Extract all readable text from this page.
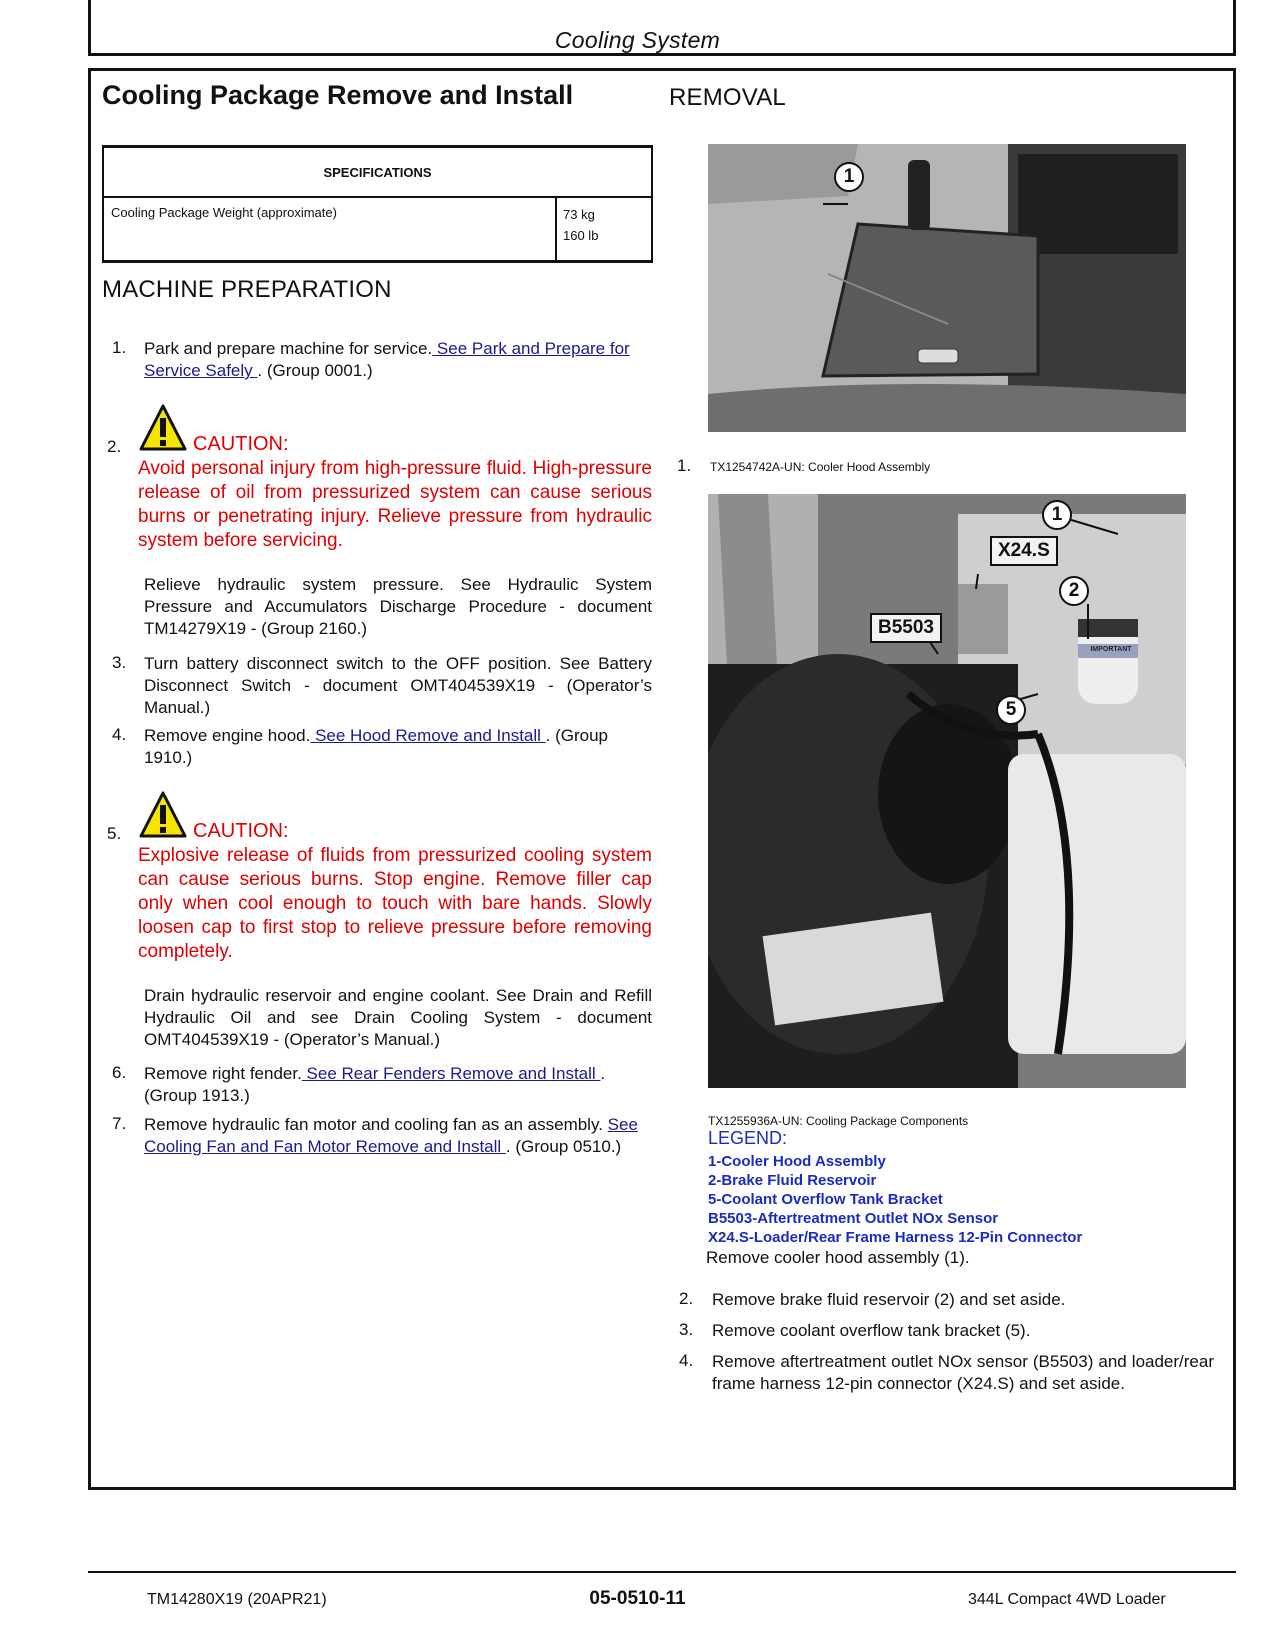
Cooling System
Cooling Package Remove and Install
SPECIFICATIONS
Cooling Package Weight (approximate)	73 kg
160 lb
MACHINE PREPARATION
1. Park and prepare machine for service. See Park and Prepare for Service Safely . (Group 0001.)
2.	CAUTION:
Avoid personal injury from high-pressure fluid. High-pressure release of oil from pressurized system can cause serious burns or penetrating injury. Relieve pressure from hydraulic system before servicing.
Relieve hydraulic system pressure. See Hydraulic System Pressure and Accumulators Discharge Procedure - document TM14279X19 - (Group 2160.)
3. Turn battery disconnect switch to the OFF position. See Battery Disconnect Switch - document OMT404539X19 - (Operator’s Manual.)
4. Remove engine hood. See Hood Remove and Install . (Group 1910.)
5.	CAUTION:
Explosive release of fluids from pressurized cooling system can cause serious burns. Stop engine. Remove filler cap only when cool enough to touch with bare hands. Slowly loosen cap to first stop to relieve pressure before removing completely.
Drain hydraulic reservoir and engine coolant. See Drain and Refill Hydraulic Oil and see Drain Cooling System - document OMT404539X19 - (Operator’s Manual.)
6. Remove right fender. See Rear Fenders Remove and Install . (Group 1913.)
7. Remove hydraulic fan motor and cooling fan as an assembly. See Cooling Fan and Fan Motor Remove and Install . (Group 0510.)
REMOVAL
1
1. TX1254742A-UN: Cooler Hood Assembly
IMPORTANT
1
2
5
X24.S
B5503
TX1255936A-UN: Cooling Package Components
LEGEND:
1-Cooler Hood Assembly
2-Brake Fluid Reservoir
5-Coolant Overflow Tank Bracket
B5503-Aftertreatment Outlet NOx Sensor
X24.S-Loader/Rear Frame Harness 12-Pin Connector
Remove cooler hood assembly (1).
2. Remove brake fluid reservoir (2) and set aside.
3. Remove coolant overflow tank bracket (5).
4. Remove aftertreatment outlet NOx sensor (B5503) and loader/rear frame harness 12-pin connector (X24.S) and set aside.
TM14280X19 (20APR21)	05-0510-11	344L Compact 4WD Loader
